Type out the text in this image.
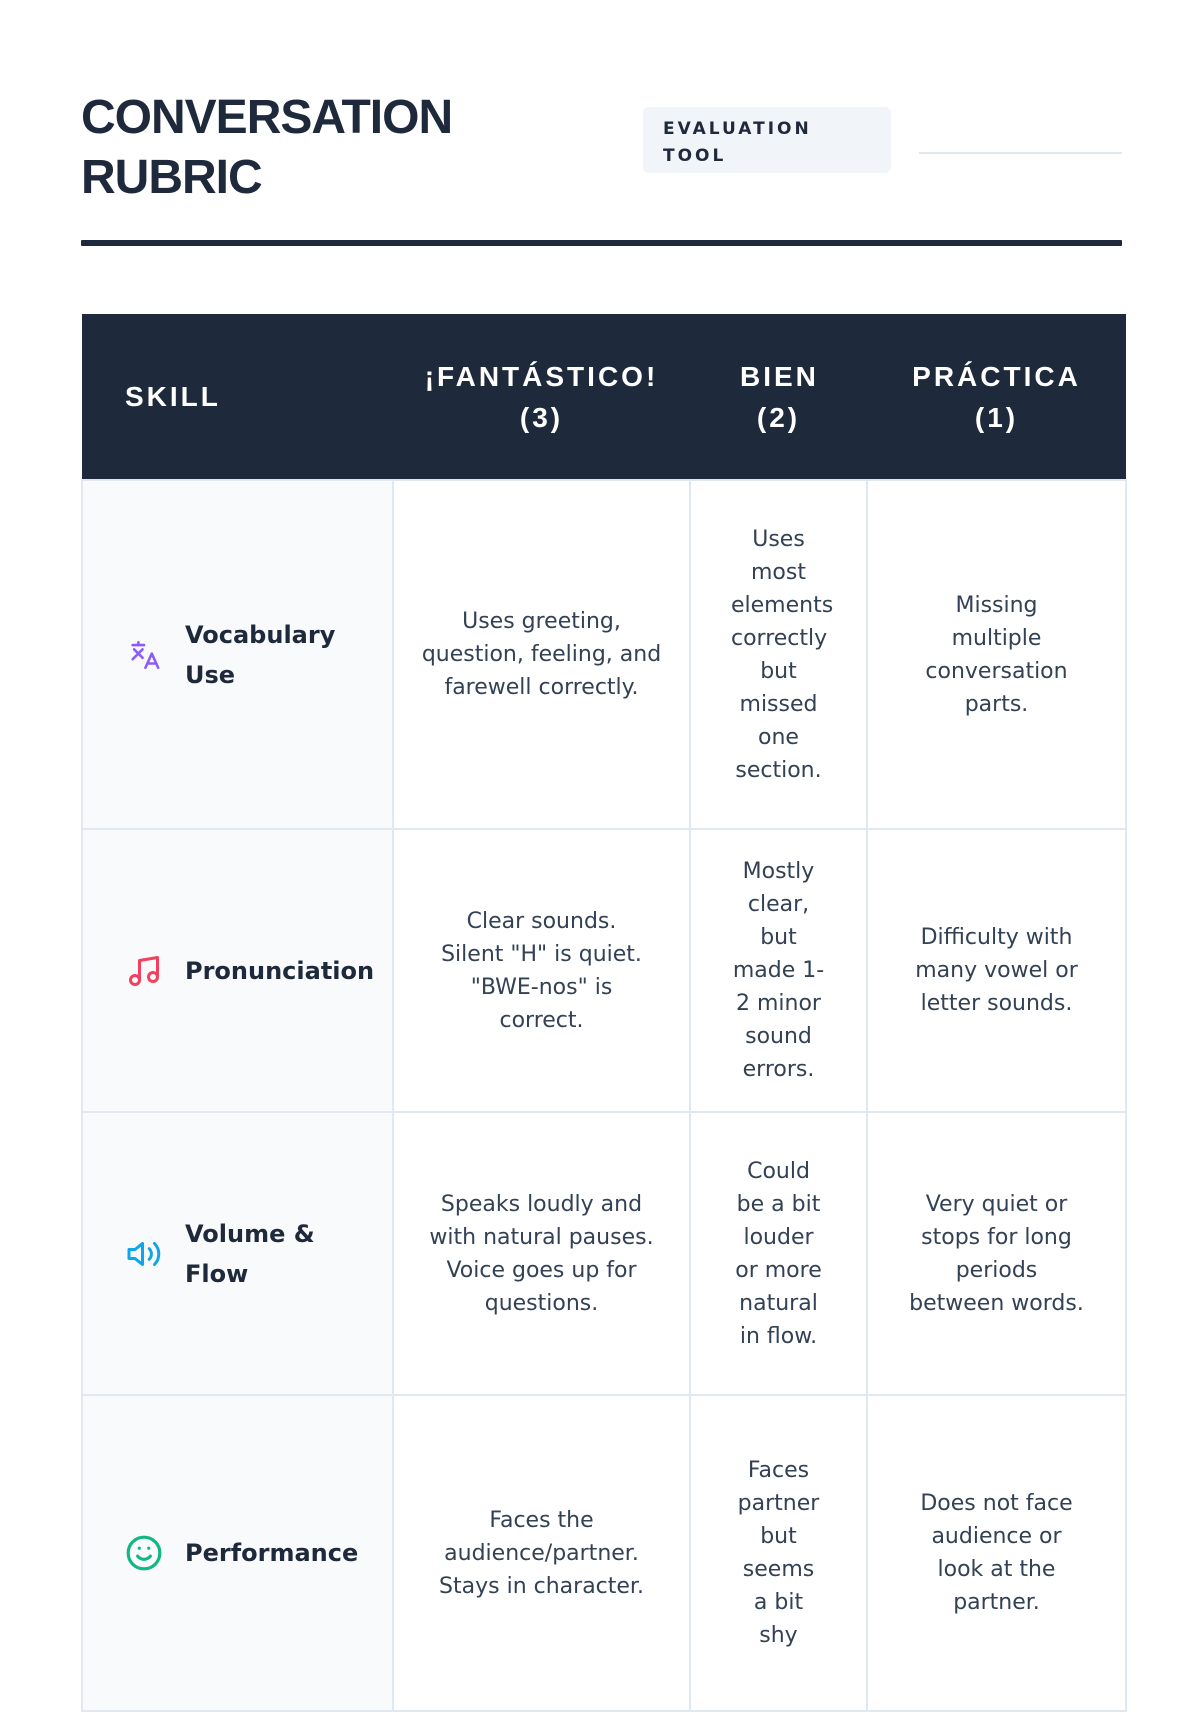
CONVERSATION RUBRIC
EVALUATION TOOL
SKILL	¡FANTÁSTICO! (3)	BIEN (2)	PRÁCTICA (1)

Vocabulary Use	Uses greeting, question, feeling, and farewell correctly.	Uses most elements correctly but missed one section.	Missing multiple conversation parts.

Pronunciation	Clear sounds. Silent "H" is quiet. "BWE-nos" is correct.	Mostly clear, but made 1-2 minor sound errors.	Difficulty with many vowel or letter sounds.

Volume & Flow	Speaks loudly and with natural pauses. Voice goes up for questions.	Could be a bit louder or more natural in flow.	Very quiet or stops for long periods between words.

Performance	Faces the audience/partner. Stays in character.	Faces partner but seems a bit shy	Does not face audience or look at the partner.
